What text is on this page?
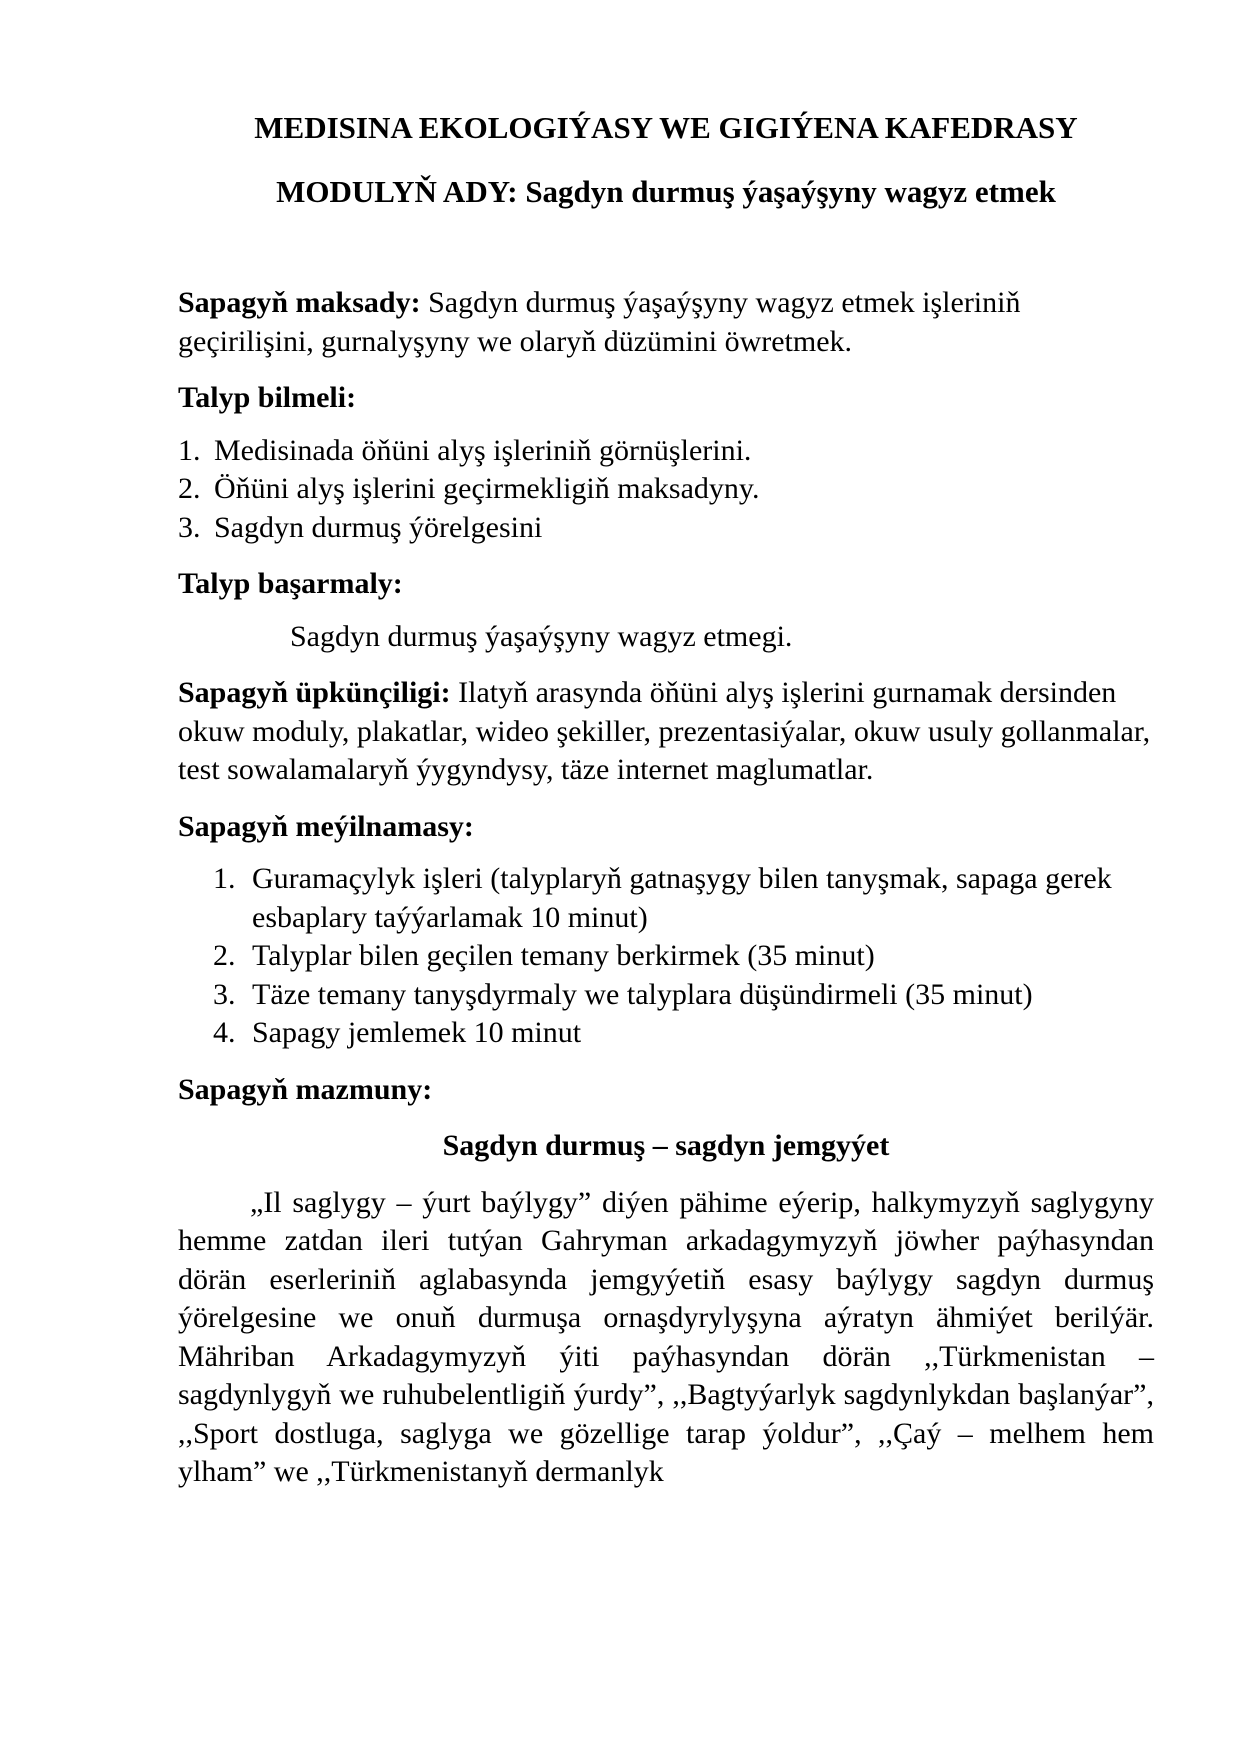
MEDISINA EKOLOGIÝASY WE GIGIÝENA KAFEDRASY

MODULYŇ ADY: Sagdyn durmuş ýaşaýşyny wagyz etmek

Sapagyň maksady: Sagdyn durmuş ýaşaýşyny wagyz etmek işleriniň geçirilişini, gurnalyşyny we olaryň düzümini öwretmek.

Talyp bilmeli:

1. Medisinada öňüni alyş işleriniň görnüşlerini.
2. Öňüni alyş işlerini geçirmekligiň maksadyny.
3. Sagdyn durmuş ýörelgesini

Talyp başarmaly:

Sagdyn durmuş ýaşaýşyny wagyz etmegi.

Sapagyň üpkünçiligi: Ilatyň arasynda öňüni alyş işlerini gurnamak dersinden okuw moduly, plakatlar, wideo şekiller, prezentasiýalar, okuw usuly gollanmalar, test sowalamalaryň ýygyndysy, täze internet maglumatlar.

Sapagyň meýilnamasy:

1. Guramaçylyk işleri (talyplaryň gatnaşygy bilen tanyşmak, sapaga gerek esbaplary taýýarlamak 10 minut)
2. Talyplar bilen geçilen temany berkirmek (35 minut)
3. Täze temany tanyşdyrmaly we talyplara düşündirmeli (35 minut)
4. Sapagy jemlemek 10 minut

Sapagyň mazmuny:

Sagdyn durmuş – sagdyn jemgyýet

„Il saglygy – ýurt baýlygy” diýen pähime eýerip, halkymyzyň saglygyny hemme zatdan ileri tutýan Gahryman arkadagymyzyň jöwher paýhasyndan dörän eserleriniň aglabasynda jemgyýetiň esasy baýlygy sagdyn durmuş ýörelgesine we onuň durmuşa ornaşdyrylyşyna aýratyn ähmiýet berilýär. Mähriban Arkadagymyzyň ýiti paýhasyndan dörän ,,Türkmenistan – sagdynlygyň we ruhubelentligiň ýurdy”, ,,Bagtyýarlyk sagdynlykdan başlanýar”, ,,Sport dostluga, saglyga we gözellige tarap ýoldur”, ,,Çaý – melhem hem ylham” we ,,Türkmenistanyň dermanlyk
